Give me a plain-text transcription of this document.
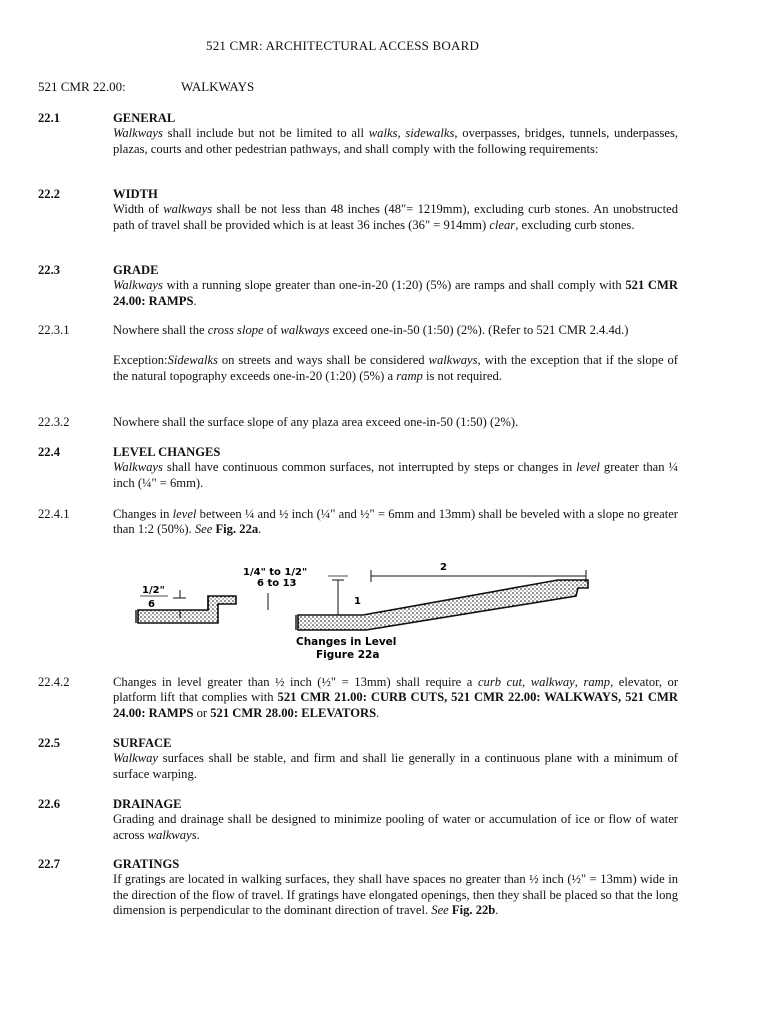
521 CMR: ARCHITECTURAL ACCESS BOARD
521 CMR 22.00:	WALKWAYS
22.1	GENERAL
Walkways shall include but not be limited to all walks, sidewalks, overpasses, bridges, tunnels, underpasses, plazas, courts and other pedestrian pathways, and shall comply with the following requirements:
22.2	WIDTH
Width of walkways shall be not less than 48 inches (48"= 1219mm), excluding curb stones. An unobstructed path of travel shall be provided which is at least 36 inches (36" = 914mm) clear, excluding curb stones.
22.3	GRADE
Walkways with a running slope greater than one-in-20 (1:20) (5%) are ramps and shall comply with 521 CMR 24.00: RAMPS.
22.3.1	Nowhere shall the cross slope of walkways exceed one-in-50 (1:50) (2%). (Refer to 521 CMR 2.4.4d.)
Exception:Sidewalks on streets and ways shall be considered walkways, with the exception that if the slope of the natural topography exceeds one-in-20 (1:20) (5%) a ramp is not required.
22.3.2	Nowhere shall the surface slope of any plaza area exceed one-in-50 (1:50) (2%).
22.4	LEVEL CHANGES
Walkways shall have continuous common surfaces, not interrupted by steps or changes in level greater than ¼ inch (¼" = 6mm).
22.4.1	Changes in level between ¼ and ½ inch (¼" and ½" = 6mm and 13mm) shall be beveled with a slope no greater than 1:2 (50%). See Fig. 22a.
1/2"
6
1/4" to 1/2"
6 to 13
1
2
Changes in Level
Figure 22a
22.4.2	Changes in level greater than ½ inch (½" = 13mm) shall require a curb cut, walkway, ramp, elevator, or platform lift that complies with 521 CMR 21.00: CURB CUTS, 521 CMR 22.00: WALKWAYS, 521 CMR 24.00: RAMPS or 521 CMR 28.00: ELEVATORS.
22.5	SURFACE
Walkway surfaces shall be stable, and firm and shall lie generally in a continuous plane with a minimum of surface warping.
22.6	DRAINAGE
Grading and drainage shall be designed to minimize pooling of water or accumulation of ice or flow of water across walkways.
22.7	GRATINGS
If gratings are located in walking surfaces, they shall have spaces no greater than ½ inch (½" = 13mm) wide in the direction of the flow of travel. If gratings have elongated openings, then they shall be placed so that the long dimension is perpendicular to the dominant direction of travel. See Fig. 22b.
